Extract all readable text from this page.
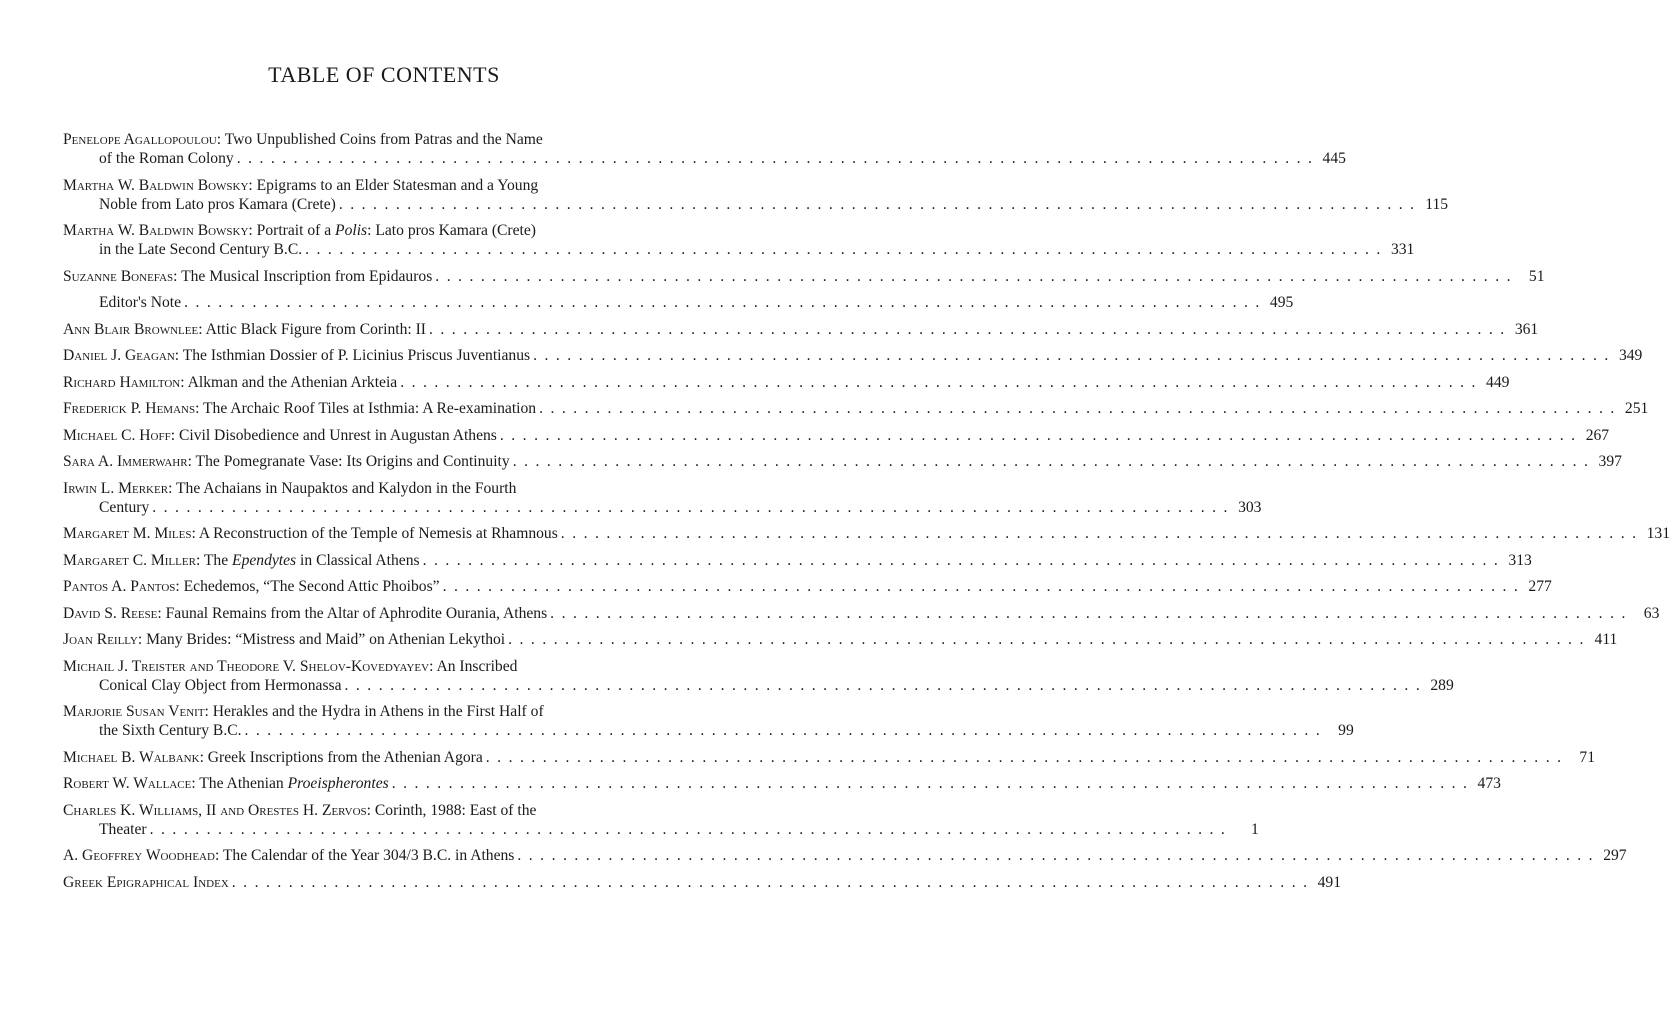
TABLE OF CONTENTS
Penelope Agallopoulou: Two Unpublished Coins from Patras and the Name
of the Roman Colony . . .	445
Martha W. Baldwin Bowsky: Epigrams to an Elder Statesman and a Young
Noble from Lato pros Kamara (Crete) . . .	115
Martha W. Baldwin Bowsky: Portrait of a Polis: Lato pros Kamara (Crete)
in the Late Second Century B.C. . . .	331
Suzanne Bonefas: The Musical Inscription from Epidauros . . .	51
Editor's Note . . .	495
Ann Blair Brownlee: Attic Black Figure from Corinth: II . . .	361
Daniel J. Geagan: The Isthmian Dossier of P. Licinius Priscus Juventianus . . .	349
Richard Hamilton: Alkman and the Athenian Arkteia . . .	449
Frederick P. Hemans: The Archaic Roof Tiles at Isthmia: A Re-examination . . .	251
Michael C. Hoff: Civil Disobedience and Unrest in Augustan Athens . . .	267
Sara A. Immerwahr: The Pomegranate Vase: Its Origins and Continuity . . .	397
Irwin L. Merker: The Achaians in Naupaktos and Kalydon in the Fourth
Century . . .	303
Margaret M. Miles: A Reconstruction of the Temple of Nemesis at Rhamnous . . .	131
Margaret C. Miller: The Ependytes in Classical Athens . . .	313
Pantos A. Pantos: Echedemos, “The Second Attic Phoibos” . . .	277
David S. Reese: Faunal Remains from the Altar of Aphrodite Ourania, Athens . . .	63
Joan Reilly: Many Brides: “Mistress and Maid” on Athenian Lekythoi . . .	411
Michail J. Treister and Theodore V. Shelov-Kovedyayev: An Inscribed
Conical Clay Object from Hermonassa . . .	289
Marjorie Susan Venit: Herakles and the Hydra in Athens in the First Half of
the Sixth Century B.C. . . .	99
Michael B. Walbank: Greek Inscriptions from the Athenian Agora . . .	71
Robert W. Wallace: The Athenian Proeispherontes . . .	473
Charles K. Williams, II and Orestes H. Zervos: Corinth, 1988: East of the
Theater . . .	1
A. Geoffrey Woodhead: The Calendar of the Year 304/3 B.C. in Athens . . .	297
Greek Epigraphical Index . . .	491
